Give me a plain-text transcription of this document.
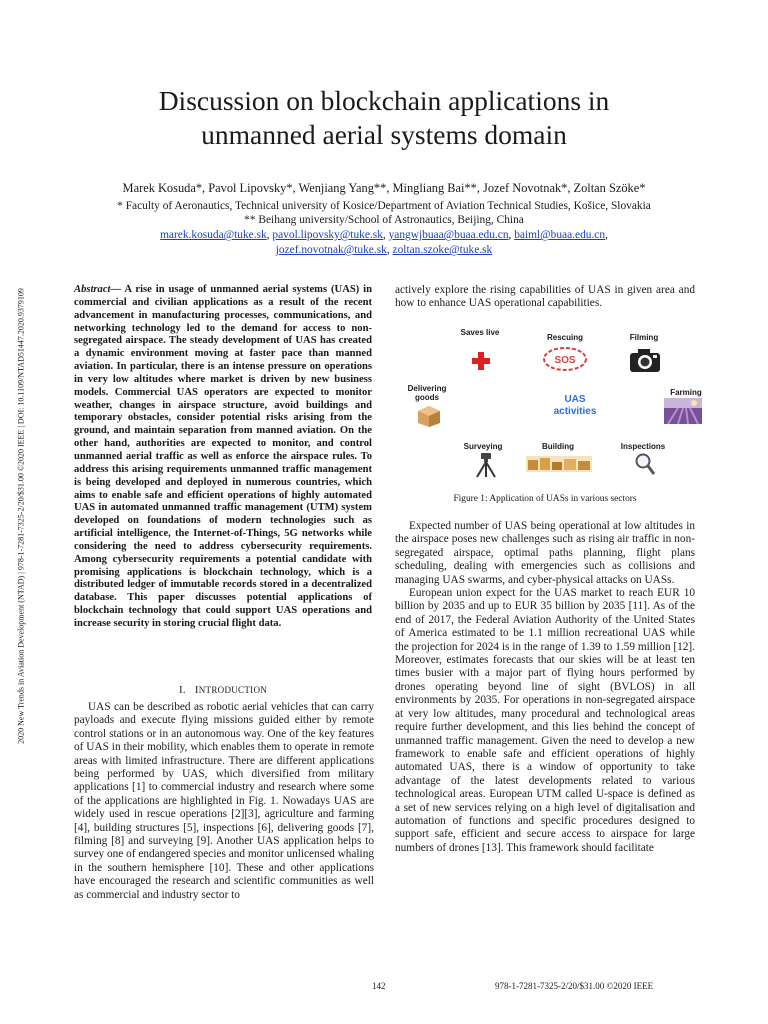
2020 New Trends in Aviation Development (NTAD) | 978-1-7281-7325-2/20/$31.00 ©2020 IEEE | DOI: 10.1109/NTAD51447.2020.9379109
Discussion on blockchain applications in
unmanned aerial systems domain
Marek Kosuda*, Pavol Lipovsky*, Wenjiang Yang**, Mingliang Bai**, Jozef Novotnak*, Zoltan Szöke*
* Faculty of Aeronautics, Technical university of Kosice/Department of Aviation Technical Studies, Košice, Slovakia
** Beihang university/School of Astronautics, Beijing, China
marek.kosuda@tuke.sk, pavol.lipovsky@tuke.sk, yangwjbuaa@buaa.edu.cn, baiml@buaa.edu.cn,
jozef.novotnak@tuke.sk, zoltan.szoke@tuke.sk
Abstract— A rise in usage of unmanned aerial systems (UAS) in commercial and civilian applications as a result of the recent advancement in manufacturing processes, communications, and networking technology led to the demand for access to non-segregated airspace. The steady development of UAS has created a dynamic environment moving at faster pace than manned aviation. In particular, there is an intense pressure on operations in very low altitudes where market is driven by new business models. Commercial UAS operators are expected to monitor weather, changes in airspace structure, avoid buildings and temporary obstacles, consider potential risks arising from the ground, and maintain separation from manned aviation. On the other hand, authorities are expected to monitor, and control unmanned aerial traffic as well as enforce the airspace rules. To address this arising requirements unmanned traffic management is being developed and deployed in numerous countries, which aims to enable safe and efficient operations of highly automated UAS in automated unmanned traffic management (UTM) system developed on foundations of modern technologies such as artificial intelligence, the Internet-of-Things, 5G networks while considering the need to address cybersecurity requirements. Among cybersecurity requirements a potential candidate with promising applications is blockchain technology, which is a distributed ledger of immutable records stored in a decentralized database. This paper discusses potential applications of blockchain technology that could support UAS operations and increase security in storing crucial flight data.
I. INTRODUCTION

UAS can be described as robotic aerial vehicles that can carry payloads and execute flying missions guided either by remote control stations or in an autonomous way. One of the key features of UAS in their mobility, which enables them to operate in remote areas with limited infrastructure. There are different applications being performed by UAS, which diversified from military applications [1] to commercial industry and research where some of the applications are highlighted in Fig. 1. Nowadays UAS are widely used in rescue operations [2][3], agriculture and farming [4], building structures [5], inspections [6], delivering goods [7], filming [8] and surveying [9]. Another UAS application helps to survey one of endangered species and monitor unlicensed whaling in the southern hemisphere [10]. These and other applications have encouraged the research and scientific communities as well as commercial and industry sector to

actively explore the rising capabilities of UAS in given area and how to enhance UAS operational capabilities.

Saves live
Rescuing	Filming
Delivering goods
Farming
Surveying	Building	Inspections
UAS activities
SOS
Figure 1: Application of UASs in various sectors

Expected number of UAS being operational at low altitudes in the airspace poses new challenges such as rising air traffic in non-segregated airspace, optimal paths planning, flight plans scheduling, dealing with emergencies such as collisions and managing UAS swarms, and cyber-physical attacks on UASs.

European union expect for the UAS market to reach EUR 10 billion by 2035 and up to EUR 35 billion by 2035 [11]. As of the end of 2017, the Federal Aviation Authority of the United States of America estimated to be 1.1 million recreational UAS while the projection for 2024 is in the range of 1.39 to 1.59 million [12]. Moreover, estimates forecasts that our skies will be at least ten times busier with a major part of flying hours performed by drones operating beyond line of sight (BVLOS) in all environments by 2035. For operations in non-segregated airspace at very low altitudes, many procedural and technological areas require further development, and this lies behind the concept of unmanned traffic management. Given the need to develop a new framework to enable safe and efficient operations of highly automated UAS, there is a window of opportunity to take advantage of the latest developments related to various technological areas. European UTM called U-space is defined as a set of new services relying on a high level of digitalisation and automation of functions and specific procedures designed to support safe, efficient and secure access to airspace for large numbers of drones [13]. This framework should facilitate

142	978-1-7281-7325-2/20/$31.00 ©2020 IEEE
